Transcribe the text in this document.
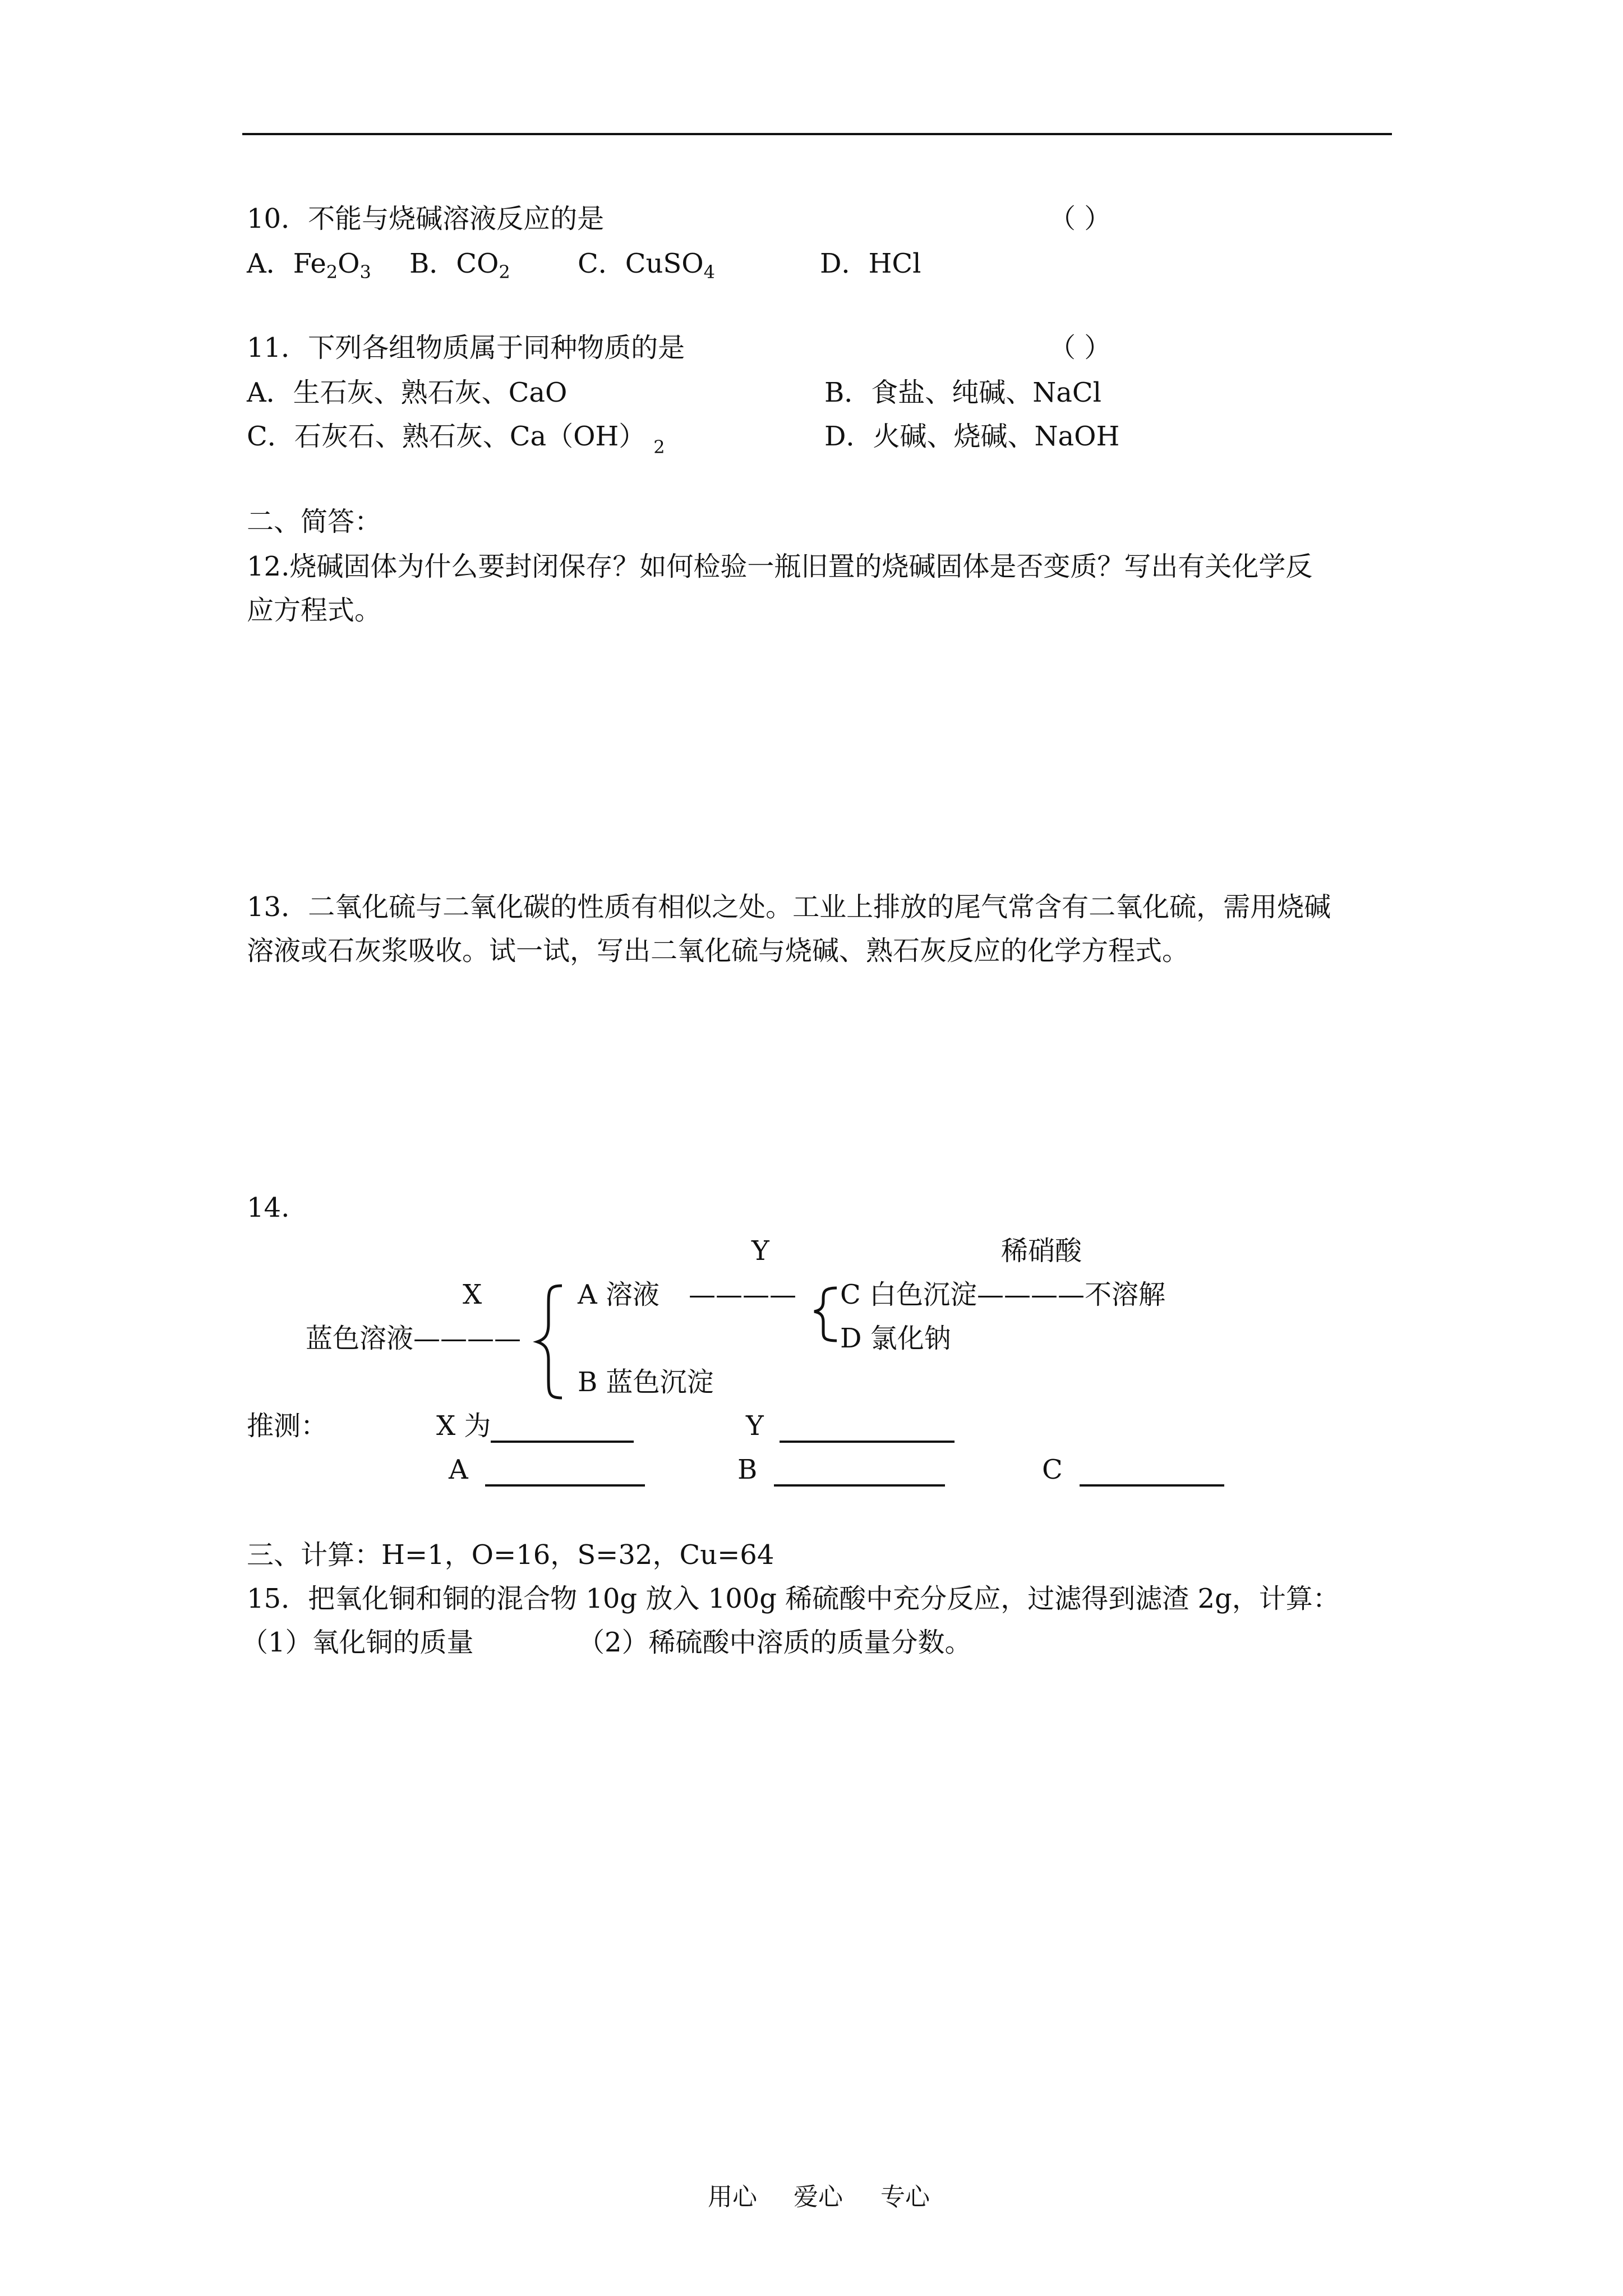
10．不能与烧碱溶液反应的是	（ ）
A．$Fe_2O_3$ B．$CO_2$	C．CuSO$_4$	D．HCl
11．下列各组物质属于同种物质的是	（ ）
A．生石灰、熟石灰、CaO	B．食盐、纯碱、NaCl
C．石灰石、熟石灰、Ca（OH） $_2$	D．火碱、烧碱、NaOH
二、简答：
12.烧碱固体为什么要封闭保存？如何检验一瓶旧置的烧碱固体是否变质？写出有关化学反
应方程式。
13．二氧化硫与二氧化碳的性质有相似之处。工业上排放的尾气常含有二氧化硫，需用烧碱
溶液或石灰浆吸收。试一试，写出二氧化硫与烧碱、熟石灰反应的化学方程式。
14.
Y	稀硝酸
X	A 溶液 ———— C 白色沉淀————不溶解
蓝色溶液————	D 氯化钠
B 蓝色沉淀
推测：	X 为	Y
A	B	C
三、计算：H=1，O=16，S=32，Cu=64
15．把氧化铜和铜的混合物 10g 放入 100g 稀硫酸中充分反应，过滤得到滤渣 2g，计算：
（1）氧化铜的质量	（2）稀硫酸中溶质的质量分数。
用心 爱心 专心
